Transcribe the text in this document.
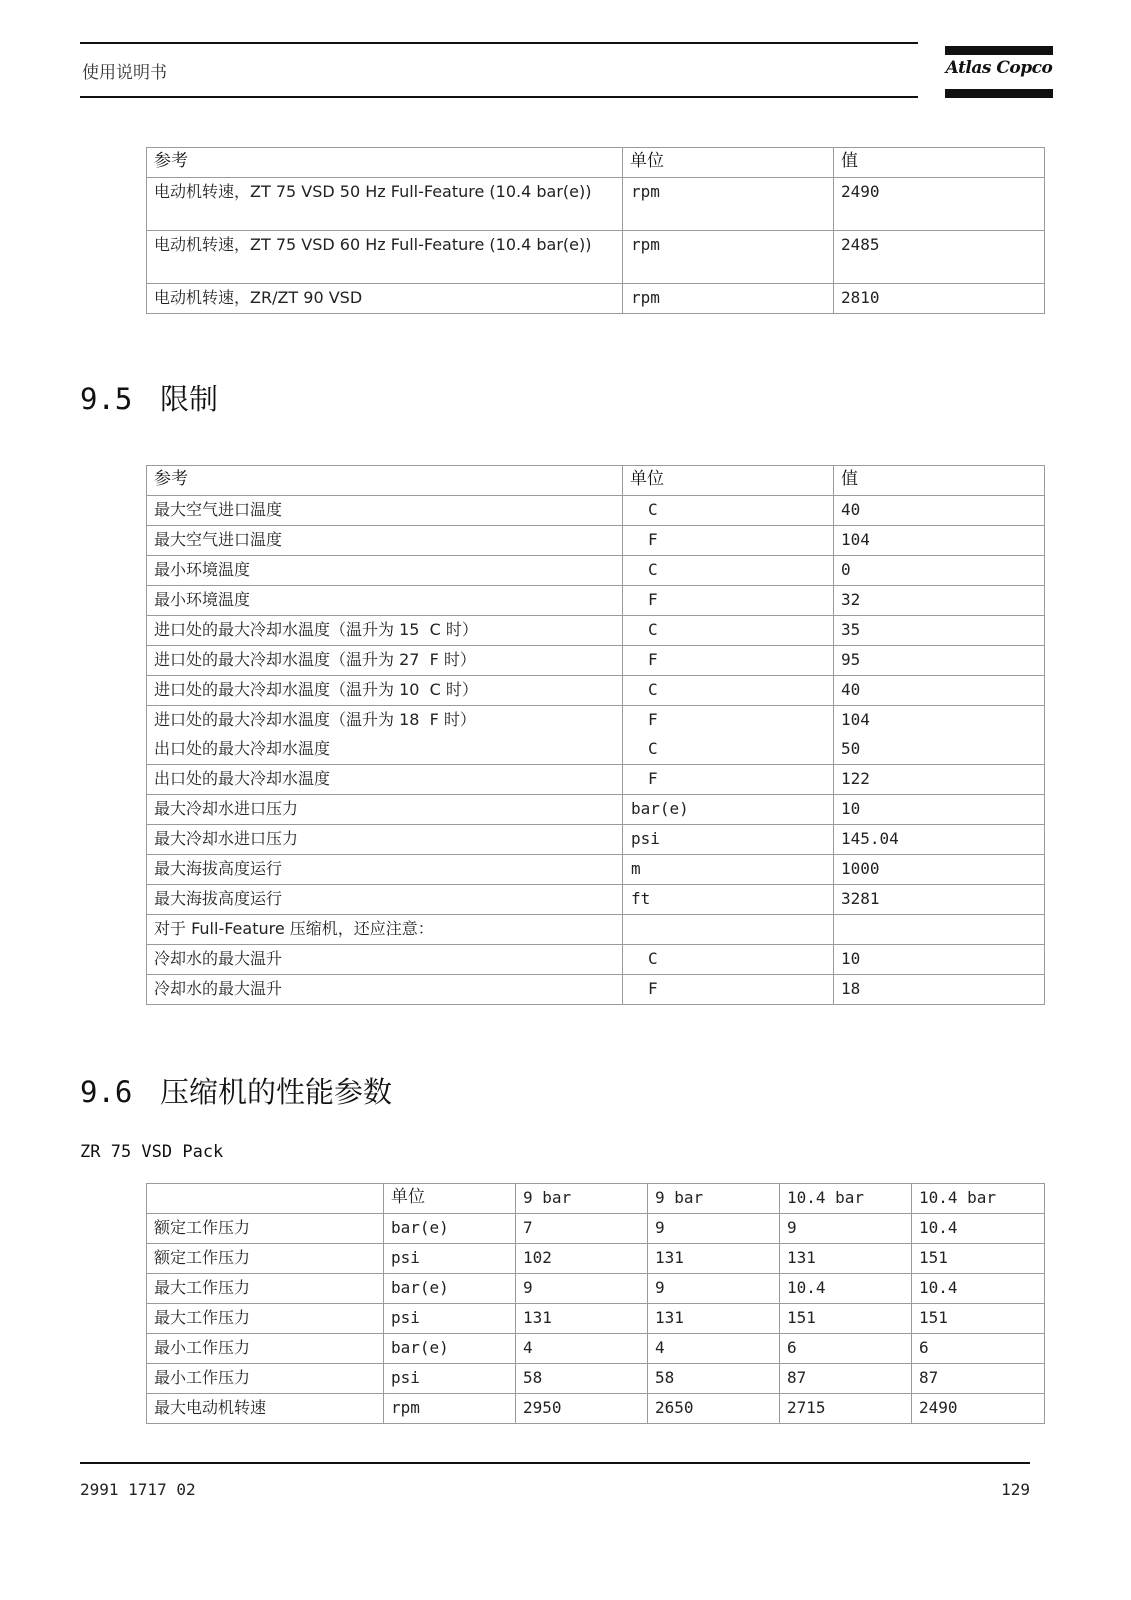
使用说明书	Atlas Copco
参考	单位	值
电动机转速，ZT 75 VSD 50 Hz Full-Feature (10.4 bar(e))	rpm	2490
电动机转速，ZT 75 VSD 60 Hz Full-Feature (10.4 bar(e))	rpm	2485
电动机转速，ZR/ZT 90 VSD	rpm	2810
9.5 限制
参考	单位	值
最大空气进口温度	C	40
最大空气进口温度	F	104
最小环境温度	C	0
最小环境温度	F	32
进口处的最大冷却水温度（温升为 15  C 时）	C	35
进口处的最大冷却水温度（温升为 27  F 时）	F	95
进口处的最大冷却水温度（温升为 10  C 时）	C	40
进口处的最大冷却水温度（温升为 18  F 时）	F	104
出口处的最大冷却水温度	C	50
出口处的最大冷却水温度	F	122
最大冷却水进口压力	bar(e)	10
最大冷却水进口压力	psi	145.04
最大海拔高度运行	m	1000
最大海拔高度运行	ft	3281
对于 Full-Feature 压缩机，还应注意：		
冷却水的最大温升	C	10
冷却水的最大温升	F	18
9.6 压缩机的性能参数
ZR 75 VSD Pack
	单位	9 bar	9 bar	10.4 bar	10.4 bar
额定工作压力	bar(e)	7	9	9	10.4
额定工作压力	psi	102	131	131	151
最大工作压力	bar(e)	9	9	10.4	10.4
最大工作压力	psi	131	131	151	151
最小工作压力	bar(e)	4	4	6	6
最小工作压力	psi	58	58	87	87
最大电动机转速	rpm	2950	2650	2715	2490
2991 1717 02	129
